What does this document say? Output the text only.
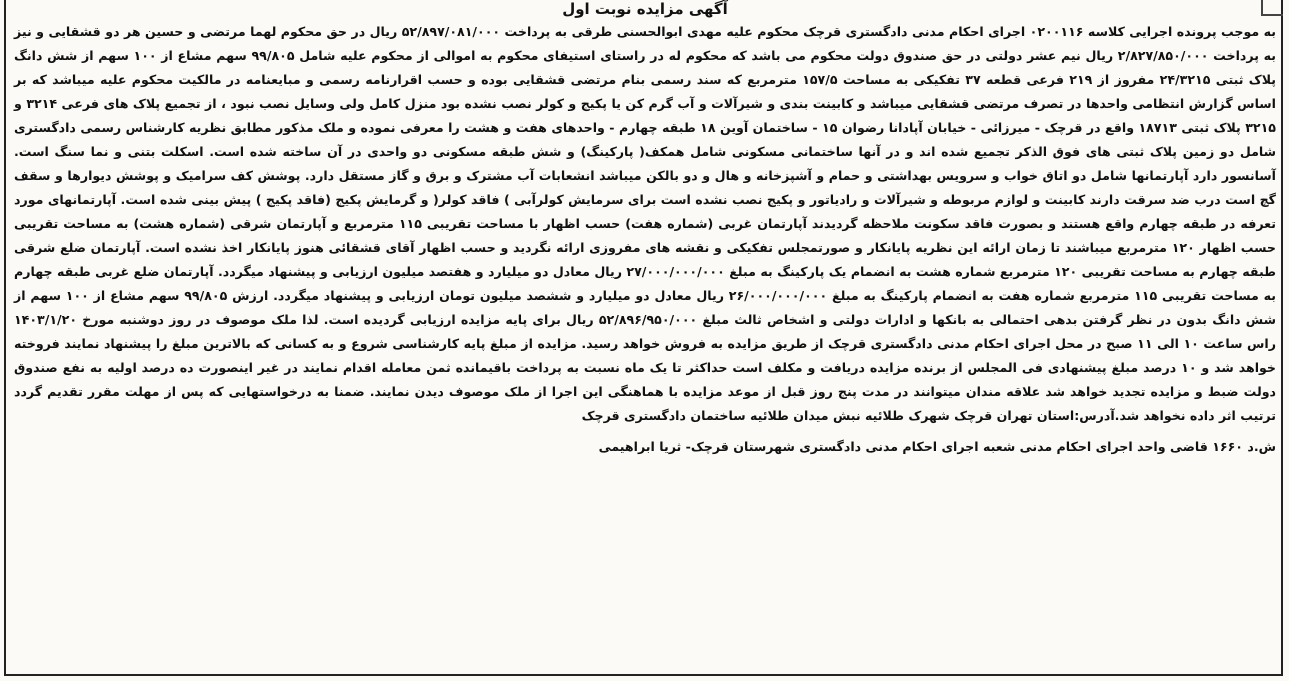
آگهی مزایده نوبت اول

به موجب پرونده اجرایی کلاسه ۰۲۰۰۱۱۶ اجرای احکام مدنی دادگستری قرچک محکوم علیه مهدی ابوالحسنی طرقی به پرداخت ۵۲/۸۹۷/۰۸۱/۰۰۰ ریال در حق محکوم لهما مرتضی و حسین هر دو قشقایی و نیز به پرداخت ۲/۸۲۷/۸۵۰/۰۰۰ ریال نیم عشر دولتی در حق صندوق دولت محکوم می باشد که محکوم له در راستای استیفای محکوم به اموالی از محکوم علیه شامل ۹۹/۸۰۵ سهم مشاع از ۱۰۰ سهم از شش دانگ پلاک ثبتی ۲۴/۳۲۱۵ مفروز از ۲۱۹ فرعی قطعه ۳۷ تفکیکی به مساحت ۱۵۷/۵ مترمربع که سند رسمی بنام مرتضی قشقایی بوده و حسب اقرارنامه رسمی و مبایعنامه در مالکیت محکوم علیه میباشد که بر اساس گزارش انتظامی واحدها در تصرف مرتضی قشقایی میباشد و کابینت بندی و شیرآلات و آب گرم کن یا پکیج و کولر نصب نشده بود منزل کامل ولی وسایل نصب نبود ، از تجمیع پلاک های فرعی ۳۲۱۴ و ۳۲۱۵ پلاک ثبتی ۱۸۷۱۳ واقع در قرچک - میرزائی - خیابان آپادانا رضوان ۱۵ - ساختمان آوین ۱۸ طبقه چهارم - واحدهای هفت و هشت را معرفی نموده و ملک مذکور مطابق نظریه کارشناس رسمی دادگستری شامل دو زمین پلاک ثبتی های فوق الذکر تجمیع شده اند و در آنها ساختمانی مسکونی شامل همکف( پارکینگ) و شش طبقه مسکونی دو واحدی در آن ساخته شده است. اسکلت بتنی و نما سنگ است. آسانسور دارد آپارتمانها شامل دو اتاق خواب و سرویس بهداشتی و حمام و آشپزخانه و هال و دو بالکن میباشد انشعابات آب مشترک و برق و گاز مستقل دارد. پوشش کف سرامیک و پوشش دیوارها و سقف گچ است درب ضد سرقت دارند کابینت و لوازم مربوطه و شیرآلات و رادیاتور و پکیج نصب نشده است برای سرمایش کولرآبی ) فاقد کولر( و گرمایش پکیج (فاقد پکیج ) پیش بینی شده است. آپارتمانهای مورد تعرفه در طبقه چهارم واقع هستند و بصورت فاقد سکونت ملاحظه گردیدند آپارتمان غربی (شماره هفت) حسب اظهار با مساحت تقریبی ۱۱۵ مترمربع و آپارتمان شرقی (شماره هشت) به مساحت تقریبی حسب اظهار ۱۲۰ مترمربع میباشند تا زمان ارائه این نظریه پایانکار و صورتمجلس تفکیکی و نقشه های مفروزی ارائه نگردید و حسب اظهار آقای قشقائی هنوز پایانکار اخذ نشده است. آپارتمان ضلع شرقی طبقه چهارم به مساحت تقریبی ۱۲۰ مترمربع شماره هشت به انضمام یک پارکینگ به مبلغ ۲۷/۰۰۰/۰۰۰/۰۰۰ ریال معادل دو میلیارد و هفتصد میلیون ارزیابی و پیشنهاد میگردد. آپارتمان ضلع غربی طبقه چهارم به مساحت تقریبی ۱۱۵ مترمربع شماره هفت به انضمام پارکینگ به مبلغ ۲۶/۰۰۰/۰۰۰/۰۰۰ ریال معادل دو میلیارد و ششصد میلیون تومان ارزیابی و پیشنهاد میگردد. ارزش ۹۹/۸۰۵ سهم مشاع از ۱۰۰ سهم از شش دانگ بدون در نظر گرفتن بدهی احتمالی به بانکها و ادارات دولتی و اشخاص ثالث مبلغ ۵۲/۸۹۶/۹۵۰/۰۰۰ ریال برای پایه مزایده ارزیابی گردیده است. لذا ملک موصوف در روز دوشنبه مورخ ۱۴۰۳/۱/۲۰ راس ساعت ۱۰ الی ۱۱ صبح در محل اجرای احکام مدنی دادگستری قرچک از طریق مزایده به فروش خواهد رسید. مزایده از مبلغ پایه کارشناسی شروع و به کسانی که بالاترین مبلغ را پیشنهاد نمایند فروخته خواهد شد و ۱۰ درصد مبلغ پیشنهادی فی المجلس از برنده مزایده دریافت و مکلف است حداکثر تا یک ماه نسبت به پرداخت باقیمانده ثمن معامله اقدام نمایند در غیر اینصورت ده درصد اولیه به نفع صندوق دولت ضبط و مزایده تجدید خواهد شد علاقه مندان میتوانند در مدت پنج روز قبل از موعد مزایده با هماهنگی این اجرا از ملک موصوف دیدن نمایند. ضمنا به درخواستهایی که پس از مهلت مقرر تقدیم گردد ترتیب اثر داده نخواهد شد.آدرس:استان تهران قرچک شهرک طلائیه نبش میدان طلائیه ساختمان دادگستری قرچک

ش.د ۱۶۶۰ قاضی واحد اجرای احکام مدنی شعبه اجرای احکام مدنی دادگستری شهرستان قرچک- ثریا ابراهیمی
